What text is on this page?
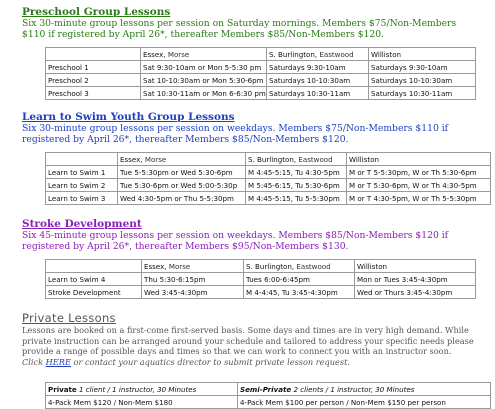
Preschool Group Lessons

Six 30-minute group lessons per session on Saturday mornings. Members $75/Non-Members $110 if registered by April 26*, thereafter Members $85/Non-Members $120.

	Essex, Morse	S. Burlington, Eastwood	Williston
Preschool 1	Sat 9:30-10am or Mon 5-5:30 pm	Saturdays 9:30-10am	Saturdays 9:30-10am
Preschool 2	Sat 10-10:30am or Mon 5:30-6pm	Saturdays 10-10:30am	Saturdays 10-10:30am
Preschool 3	Sat 10:30-11am or Mon 6-6:30 pm	Saturdays 10:30-11am	Saturdays 10:30-11am

Learn to Swim Youth Group Lessons

Six 30-minute group lessons per session on weekdays. Members $75/Non-Members $110 if registered by April 26*, thereafter Members $85/Non-Members $120.

	Essex, Morse	S. Burlington, Eastwood	Williston
Learn to Swim 1	Tue 5-5:30pm or Wed 5:30-6pm	M 4:45-5:15, Tu 4:30-5pm	M or T 5-5:30pm, W or Th 5:30-6pm
Learn to Swim 2	Tue 5:30-6pm or Wed 5:00-5:30p	M 5:45-6:15, Tu 5:30-6pm	M or T 5:30-6pm, W or Th 4:30-5pm
Learn to Swim 3	Wed 4:30-5pm or Thu 5-5:30pm	M 4:45-5:15, Tu 5-5:30pm	M or T 4:30-5pm, W or Th 5-5:30pm

Stroke Development

Six 45-minute group lessons per session on weekdays. Members $85/Non-Members $120 if registered by April 26*, thereafter Members $95/Non-Members $130.

	Essex, Morse	S. Burlington, Eastwood	Williston
Learn to Swim 4	Thu 5:30-6:15pm	Tues 6:00-6:45pm	Mon or Tues 3:45-4:30pm
Stroke Development	Wed 3:45-4:30pm	M 4-4:45, Tu 3:45-4:30pm	Wed or Thurs 3:45-4:30pm

Private Lessons

Lessons are booked on a first-come first-served basis. Some days and times are in very high demand. While
private instruction can be arranged around your schedule and tailored to address your specific needs please
provide a range of possible days and times so that we can work to connect you with an instructor soon.
Click HERE or contact your aquatics director to submit private lesson request.

Private 1 client / 1 instructor, 30 Minutes	Semi-Private 2 clients / 1 instructor, 30 Minutes
4-Pack Mem $120 / Non-Mem $180	4-Pack Mem $100 per person / Non-Mem $150 per person
